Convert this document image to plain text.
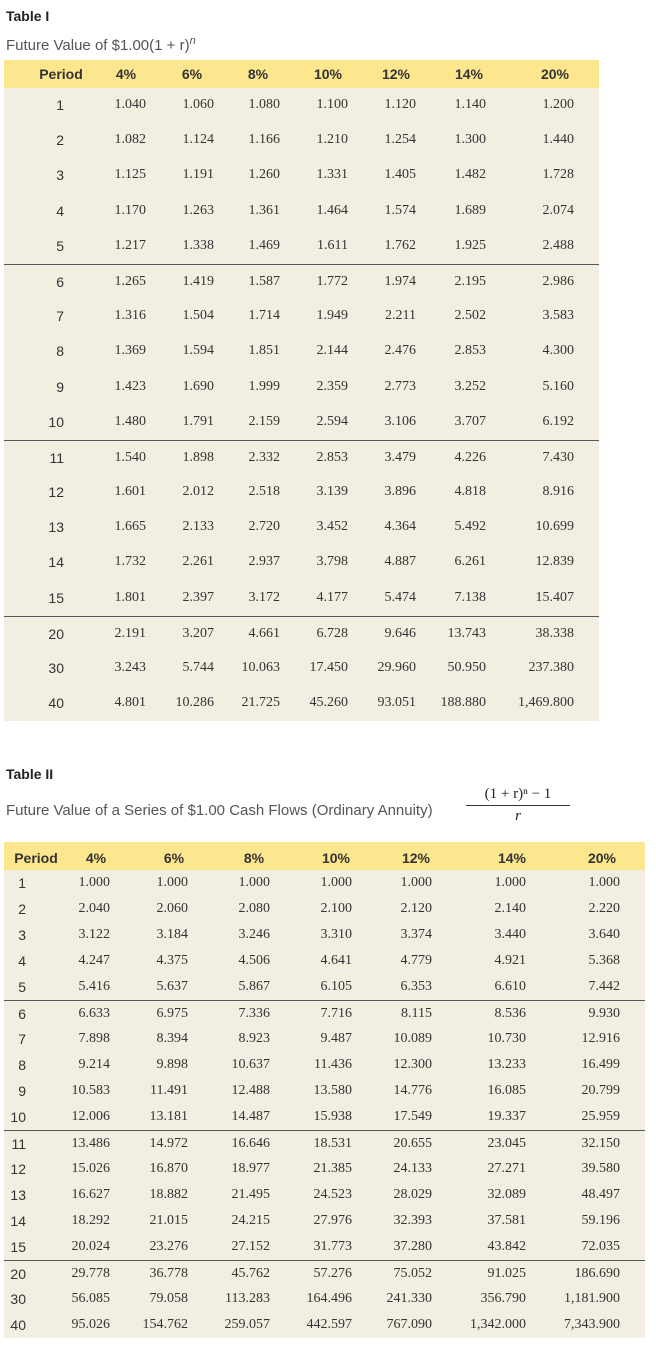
Table I
Future Value of $1.00(1 + r)$^n$
Period	4%	6%	8%	10%	12%	14%	20%
1	1.040	1.060	1.080	1.100	1.120	1.140	1.200
2	1.082	1.124	1.166	1.210	1.254	1.300	1.440
3	1.125	1.191	1.260	1.331	1.405	1.482	1.728
4	1.170	1.263	1.361	1.464	1.574	1.689	2.074
5	1.217	1.338	1.469	1.611	1.762	1.925	2.488
6	1.265	1.419	1.587	1.772	1.974	2.195	2.986
7	1.316	1.504	1.714	1.949	2.211	2.502	3.583
8	1.369	1.594	1.851	2.144	2.476	2.853	4.300
9	1.423	1.690	1.999	2.359	2.773	3.252	5.160
10	1.480	1.791	2.159	2.594	3.106	3.707	6.192
11	1.540	1.898	2.332	2.853	3.479	4.226	7.430
12	1.601	2.012	2.518	3.139	3.896	4.818	8.916
13	1.665	2.133	2.720	3.452	4.364	5.492	10.699
14	1.732	2.261	2.937	3.798	4.887	6.261	12.839
15	1.801	2.397	3.172	4.177	5.474	7.138	15.407
20	2.191	3.207	4.661	6.728	9.646	13.743	38.338
30	3.243	5.744	10.063	17.450	29.960	50.950	237.380
40	4.801	10.286	21.725	45.260	93.051	188.880	1,469.800
Table II
Future Value of a Series of $1.00 Cash Flows (Ordinary Annuity) $\frac{\text{(1 + r)ⁿ − 1}}{r}$
Period	4%	6%	8%	10%	12%	14%	20%
1	1.000	1.000	1.000	1.000	1.000	1.000	1.000
2	2.040	2.060	2.080	2.100	2.120	2.140	2.220
3	3.122	3.184	3.246	3.310	3.374	3.440	3.640
4	4.247	4.375	4.506	4.641	4.779	4.921	5.368
5	5.416	5.637	5.867	6.105	6.353	6.610	7.442
6	6.633	6.975	7.336	7.716	8.115	8.536	9.930
7	7.898	8.394	8.923	9.487	10.089	10.730	12.916
8	9.214	9.898	10.637	11.436	12.300	13.233	16.499
9	10.583	11.491	12.488	13.580	14.776	16.085	20.799
10	12.006	13.181	14.487	15.938	17.549	19.337	25.959
11	13.486	14.972	16.646	18.531	20.655	23.045	32.150
12	15.026	16.870	18.977	21.385	24.133	27.271	39.580
13	16.627	18.882	21.495	24.523	28.029	32.089	48.497
14	18.292	21.015	24.215	27.976	32.393	37.581	59.196
15	20.024	23.276	27.152	31.773	37.280	43.842	72.035
20	29.778	36.778	45.762	57.276	75.052	91.025	186.690
30	56.085	79.058	113.283	164.496	241.330	356.790	1,181.900
40	95.026	154.762	259.057	442.597	767.090	1,342.000	7,343.900
